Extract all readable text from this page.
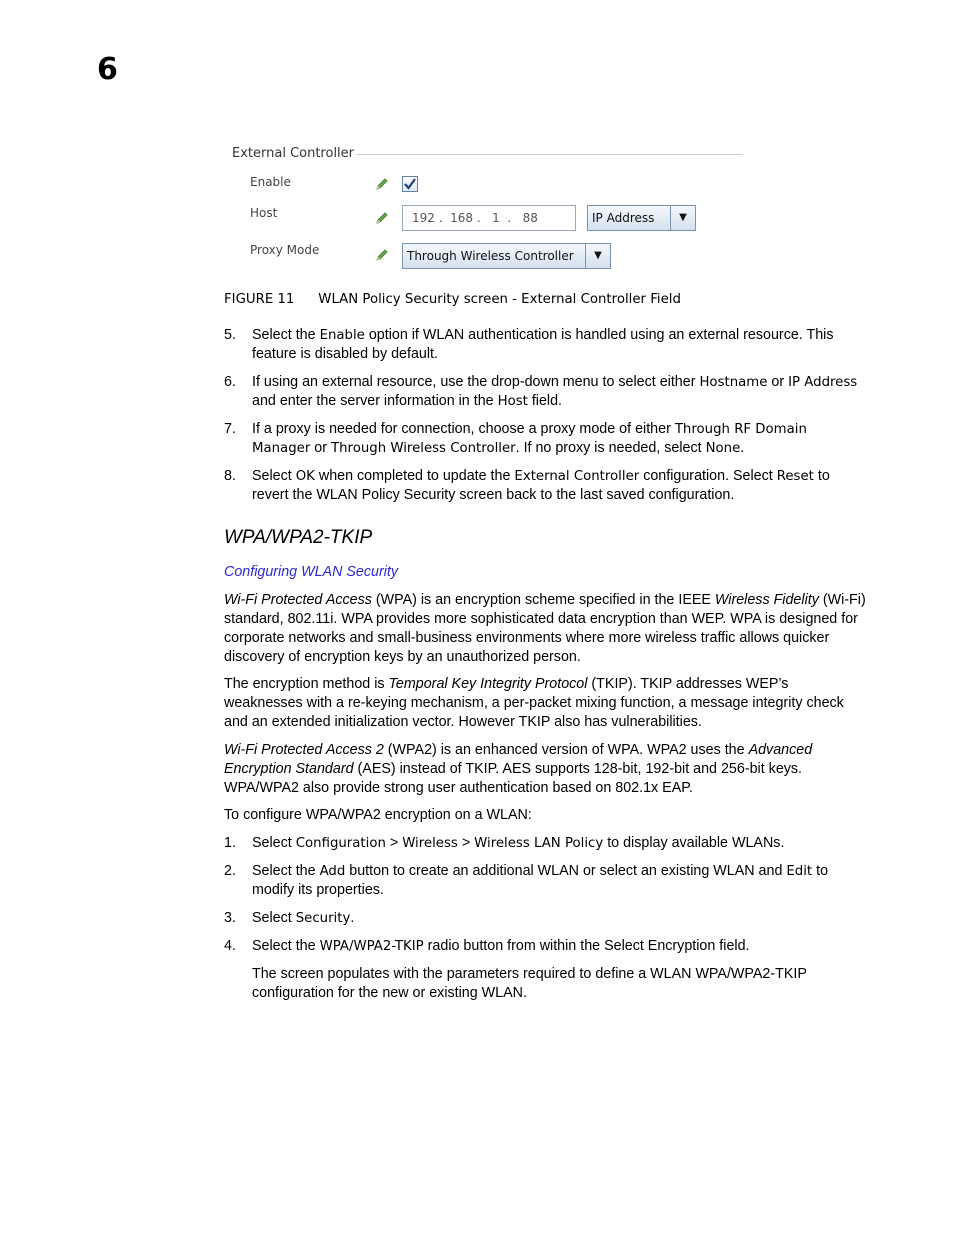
6
External Controller
Enable
Host	192 .  168 .   1  .   88	IP Address	▼
Proxy Mode	Through Wireless Controller	▼
FIGURE 11 WLAN Policy Security screen - External Controller Field
5. Select the Enable option if WLAN authentication is handled using an external resource. This feature is disabled by default.
6. If using an external resource, use the drop-down menu to select either Hostname or IP Address and enter the server information in the Host field.
7. If a proxy is needed for connection, choose a proxy mode of either Through RF Domain Manager or Through Wireless Controller. If no proxy is needed, select None.
8. Select OK when completed to update the External Controller configuration. Select Reset to revert the WLAN Policy Security screen back to the last saved configuration.
WPA/WPA2-TKIP
Configuring WLAN Security
Wi-Fi Protected Access (WPA) is an encryption scheme specified in the IEEE Wireless Fidelity (Wi-Fi) standard, 802.11i. WPA provides more sophisticated data encryption than WEP. WPA is designed for corporate networks and small-business environments where more wireless traffic allows quicker discovery of encryption keys by an unauthorized person.
The encryption method is Temporal Key Integrity Protocol (TKIP). TKIP addresses WEP’s weaknesses with a re-keying mechanism, a per-packet mixing function, a message integrity check and an extended initialization vector. However TKIP also has vulnerabilities.
Wi-Fi Protected Access 2 (WPA2) is an enhanced version of WPA. WPA2 uses the Advanced Encryption Standard (AES) instead of TKIP. AES supports 128-bit, 192-bit and 256-bit keys. WPA/WPA2 also provide strong user authentication based on 802.1x EAP.
To configure WPA/WPA2 encryption on a WLAN:
1. Select Configuration > Wireless > Wireless LAN Policy to display available WLANs.
2. Select the Add button to create an additional WLAN or select an existing WLAN and Edit to modify its properties.
3. Select Security.
4. Select the WPA/WPA2-TKIP radio button from within the Select Encryption field.
The screen populates with the parameters required to define a WLAN WPA/WPA2-TKIP configuration for the new or existing WLAN.
